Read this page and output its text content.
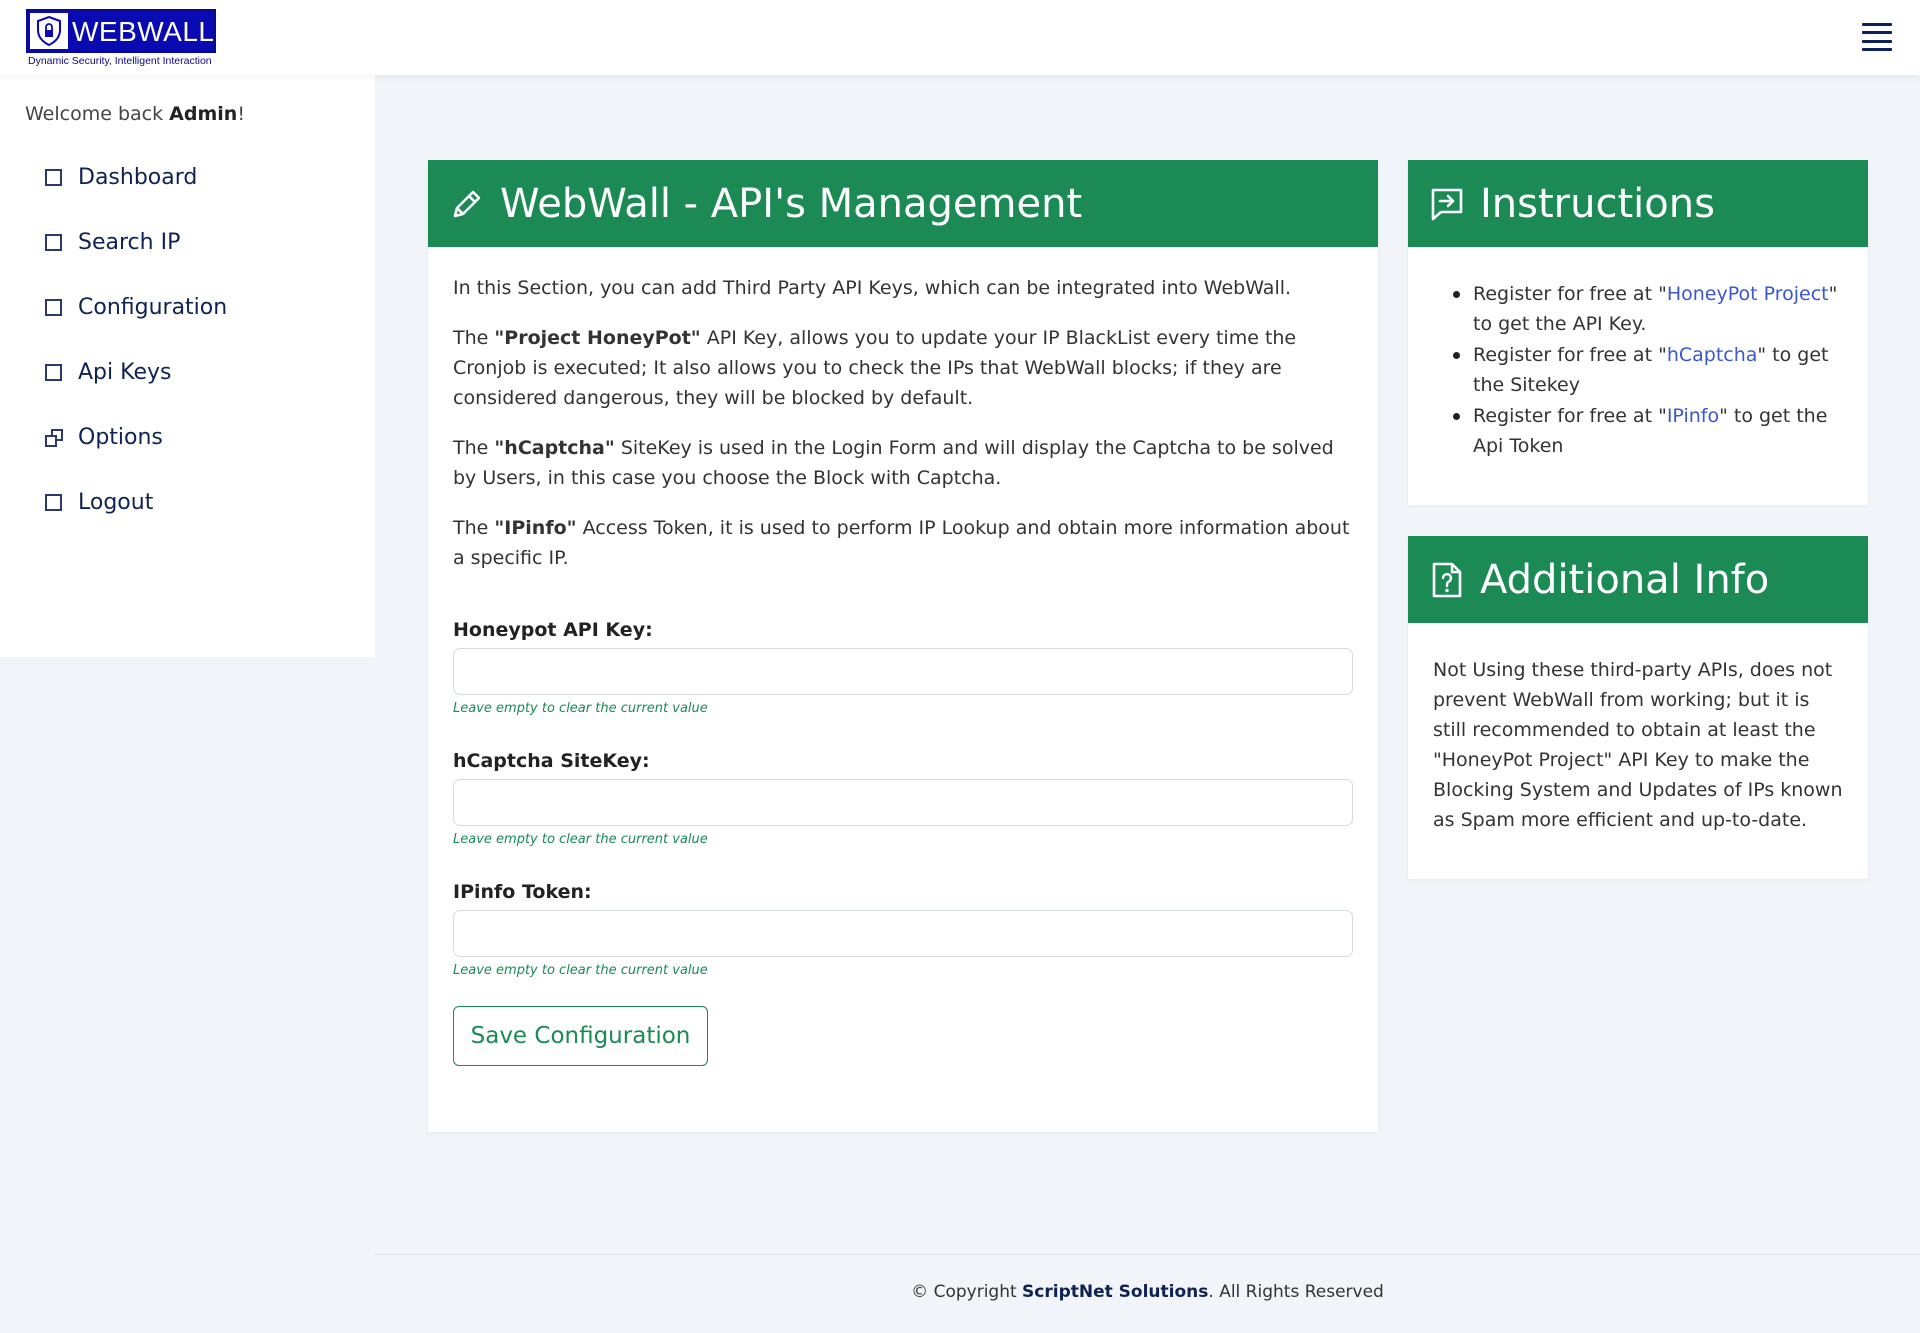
WEBWALL
Dynamic Security, Intelligent Interaction
Welcome back Admin!
Dashboard
Search IP
Configuration
Api Keys
Options
Logout
WebWall - API's Management

In this Section, you can add Third Party API Keys, which can be integrated into WebWall.

The "Project HoneyPot" API Key, allows you to update your IP BlackList every time the Cronjob is executed; It also allows you to check the IPs that WebWall blocks; if they are considered dangerous, they will be blocked by default.

The "hCaptcha" SiteKey is used in the Login Form and will display the Captcha to be solved by Users, in this case you choose the Block with Captcha.

The "IPinfo" Access Token, it is used to perform IP Lookup and obtain more information about a specific IP.

Honeypot API Key:
Leave empty to clear the current value
hCaptcha SiteKey:
Leave empty to clear the current value
IPinfo Token:
Leave empty to clear the current value
Save Configuration
Instructions
Register for free at "HoneyPot Project" to get the API Key.
Register for free at "hCaptcha" to get the Sitekey
Register for free at "IPinfo" to get the Api Token
Additional Info

Not Using these third-party APIs, does not prevent WebWall from working; but it is still recommended to obtain at least the "HoneyPot Project" API Key to make the Blocking System and Updates of IPs known as Spam more efficient and up-to-date.

© Copyright ScriptNet Solutions. All Rights Reserved
